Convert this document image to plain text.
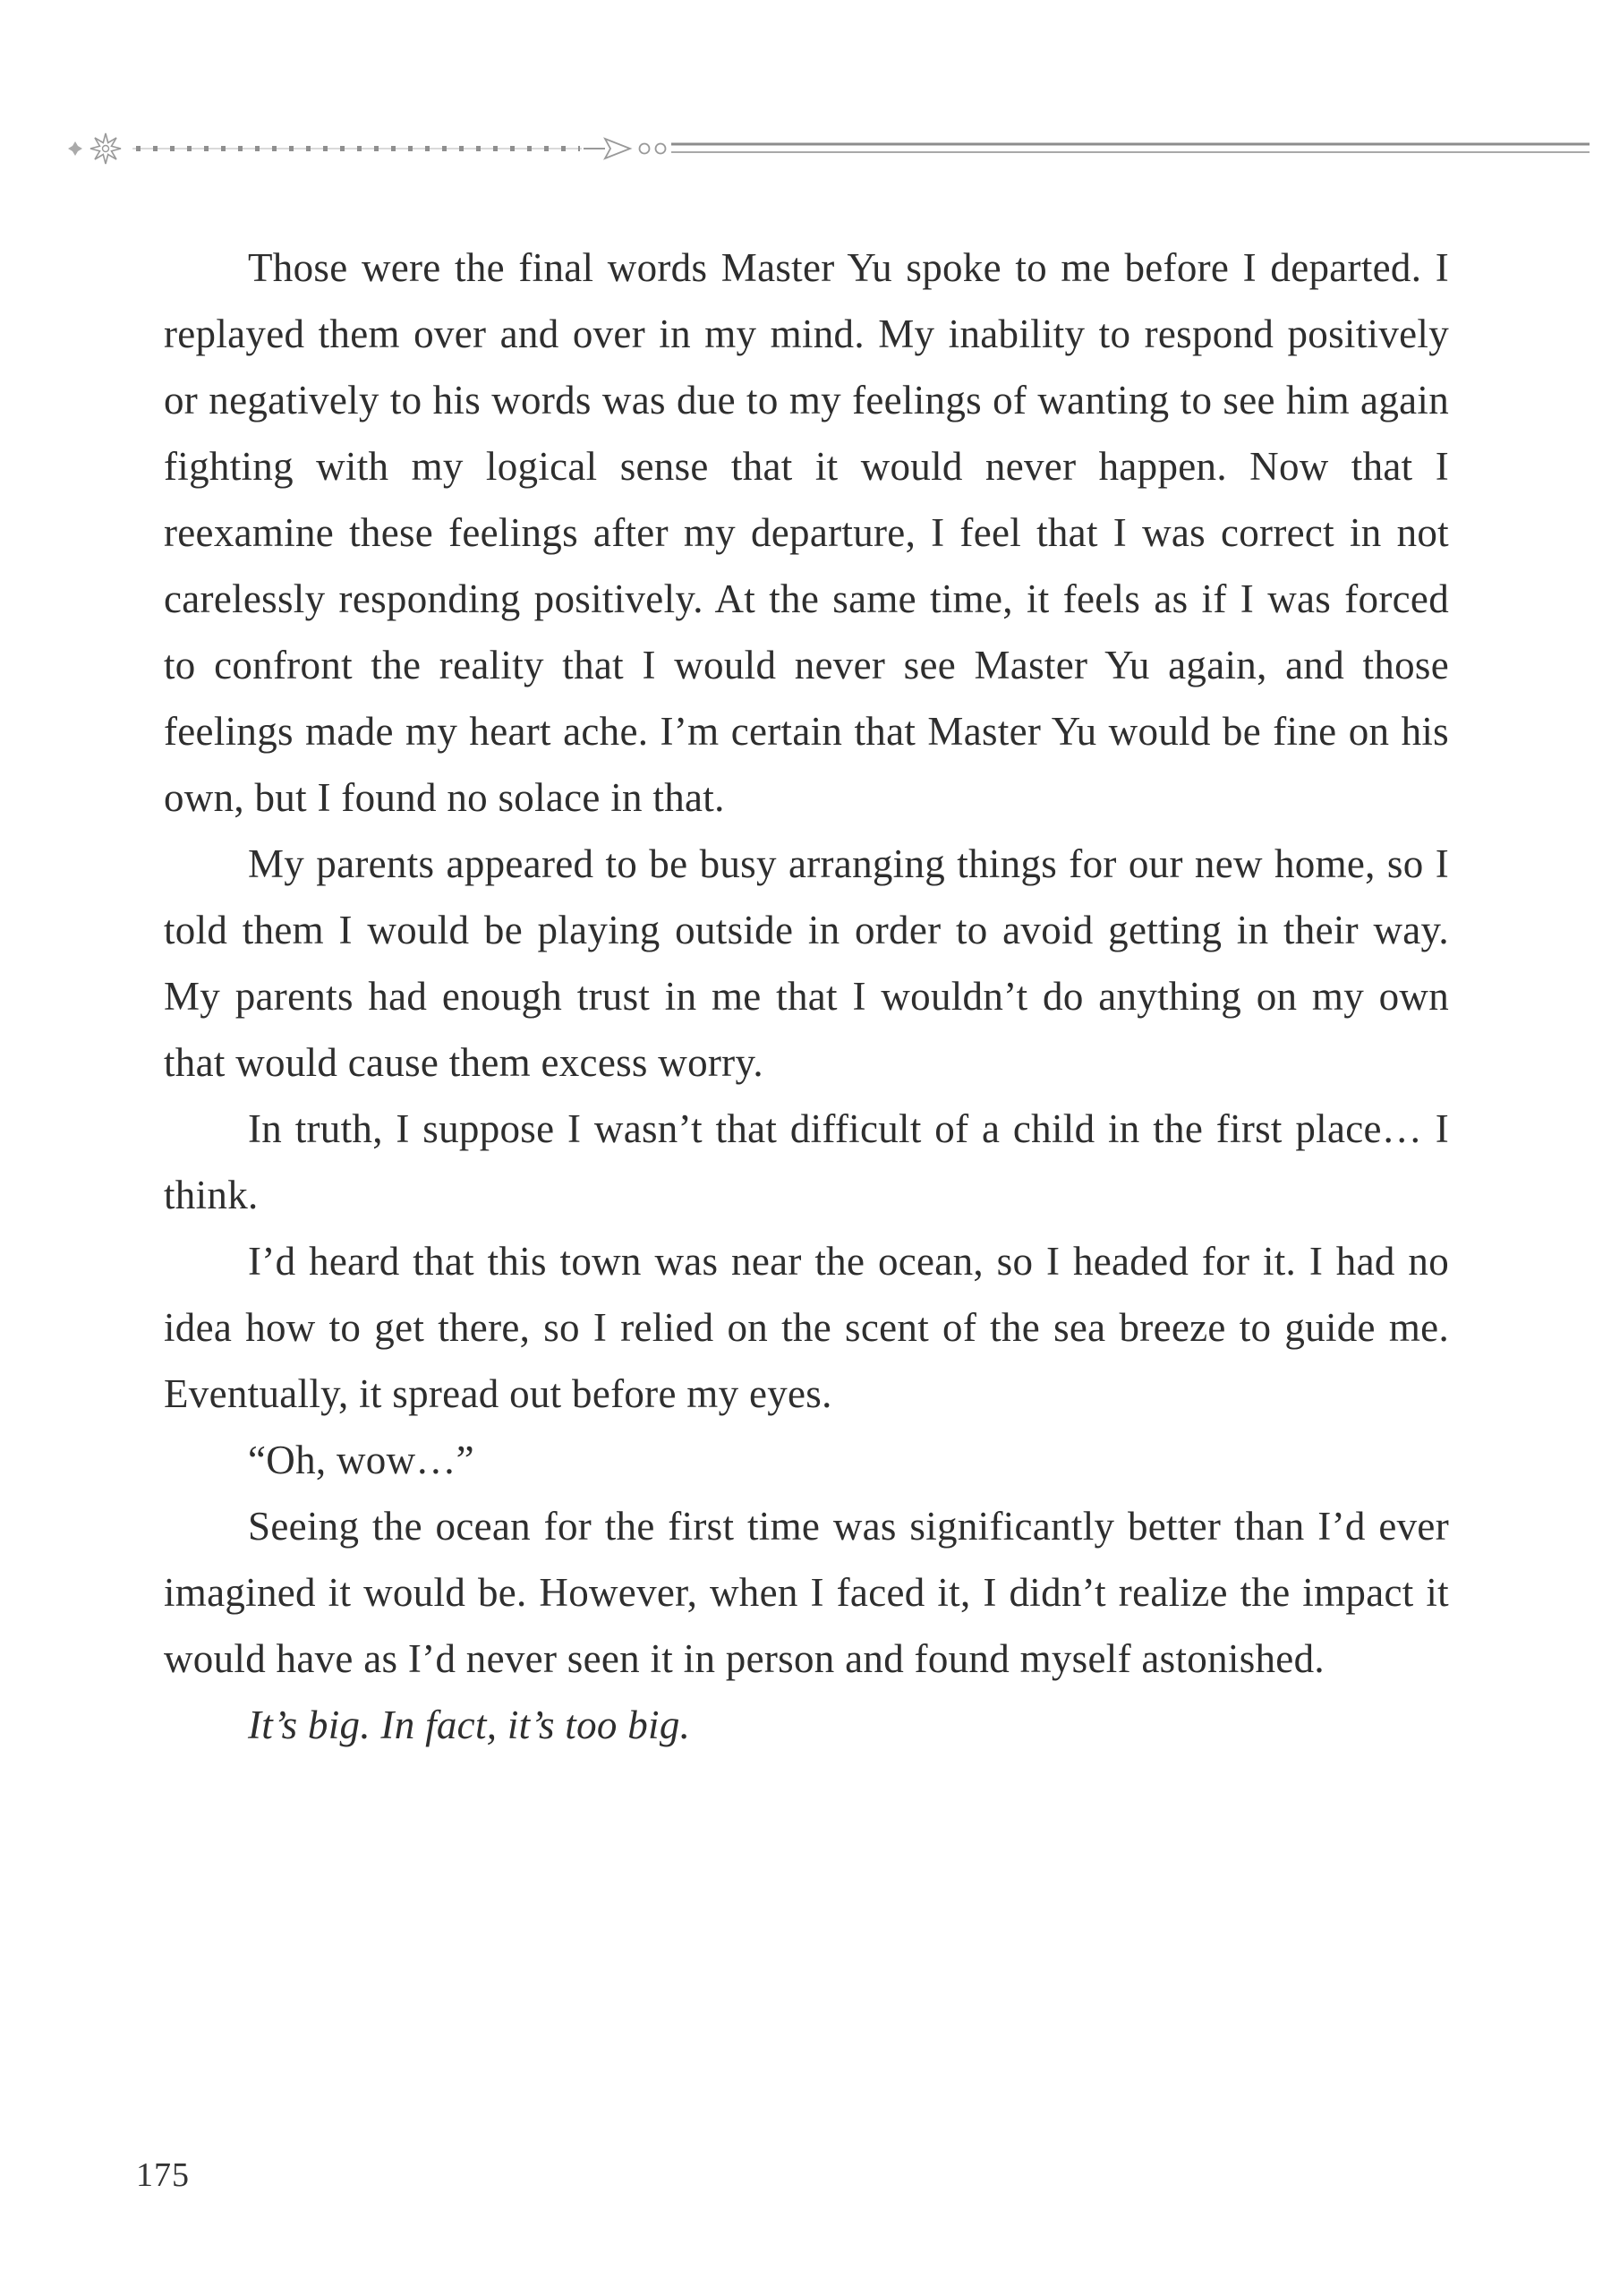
Those were the final words Master Yu spoke to me before I departed. I replayed them over and over in my mind. My inability to respond positively or negatively to his words was due to my feelings of wanting to see him again fighting with my logical sense that it would never happen. Now that I reexamine these feelings after my departure, I feel that I was correct in not carelessly responding positively. At the same time, it feels as if I was forced to confront the reality that I would never see Master Yu again, and those feelings made my heart ache. I’m certain that Master Yu would be fine on his own, but I found no solace in that.

My parents appeared to be busy arranging things for our new home, so I told them I would be playing outside in order to avoid getting in their way. My parents had enough trust in me that I wouldn’t do anything on my own that would cause them excess worry.

In truth, I suppose I wasn’t that difficult of a child in the first place… I think.

I’d heard that this town was near the ocean, so I headed for it. I had no idea how to get there, so I relied on the scent of the sea breeze to guide me. Eventually, it spread out before my eyes.

“Oh, wow…”

Seeing the ocean for the first time was significantly better than I’d ever imagined it would be. However, when I faced it, I didn’t realize the impact it would have as I’d never seen it in person and found myself astonished.

It’s big. In fact, it’s too big.

175
